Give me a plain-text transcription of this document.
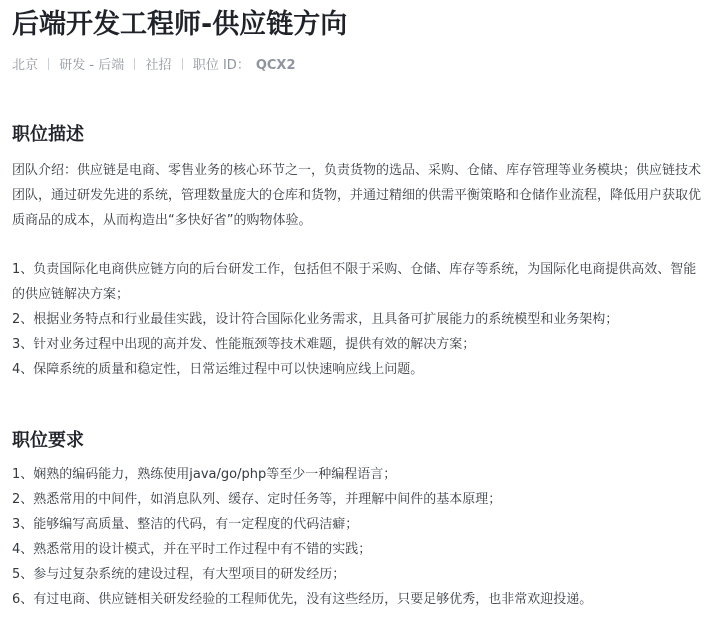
后端开发工程师-供应链方向
北京 研发 - 后端 社招 职位 ID： QCX2
职位描述

团队介绍：供应链是电商、零售业务的核心环节之一，负责货物的选品、采购、仓储、库存管理等业务模块；供应链技术团队，通过研发先进的系统，管理数量庞大的仓库和货物，并通过精细的供需平衡策略和仓储作业流程，降低用户获取优质商品的成本，从而构造出“多快好省”的购物体验。

1、负责国际化电商供应链方向的后台研发工作，包括但不限于采购、仓储、库存等系统，为国际化电商提供高效、智能的供应链解决方案；
2、根据业务特点和行业最佳实践，设计符合国际化业务需求，且具备可扩展能力的系统模型和业务架构；
3、针对业务过程中出现的高并发、性能瓶颈等技术难题，提供有效的解决方案；
4、保障系统的质量和稳定性，日常运维过程中可以快速响应线上问题。
职位要求
1、娴熟的编码能力，熟练使用java/go/php等至少一种编程语言；
2、熟悉常用的中间件，如消息队列、缓存、定时任务等，并理解中间件的基本原理；
3、能够编写高质量、整洁的代码，有一定程度的代码洁癖；
4、熟悉常用的设计模式，并在平时工作过程中有不错的实践；
5、参与过复杂系统的建设过程，有大型项目的研发经历；
6、有过电商、供应链相关研发经验的工程师优先，没有这些经历，只要足够优秀，也非常欢迎投递。
